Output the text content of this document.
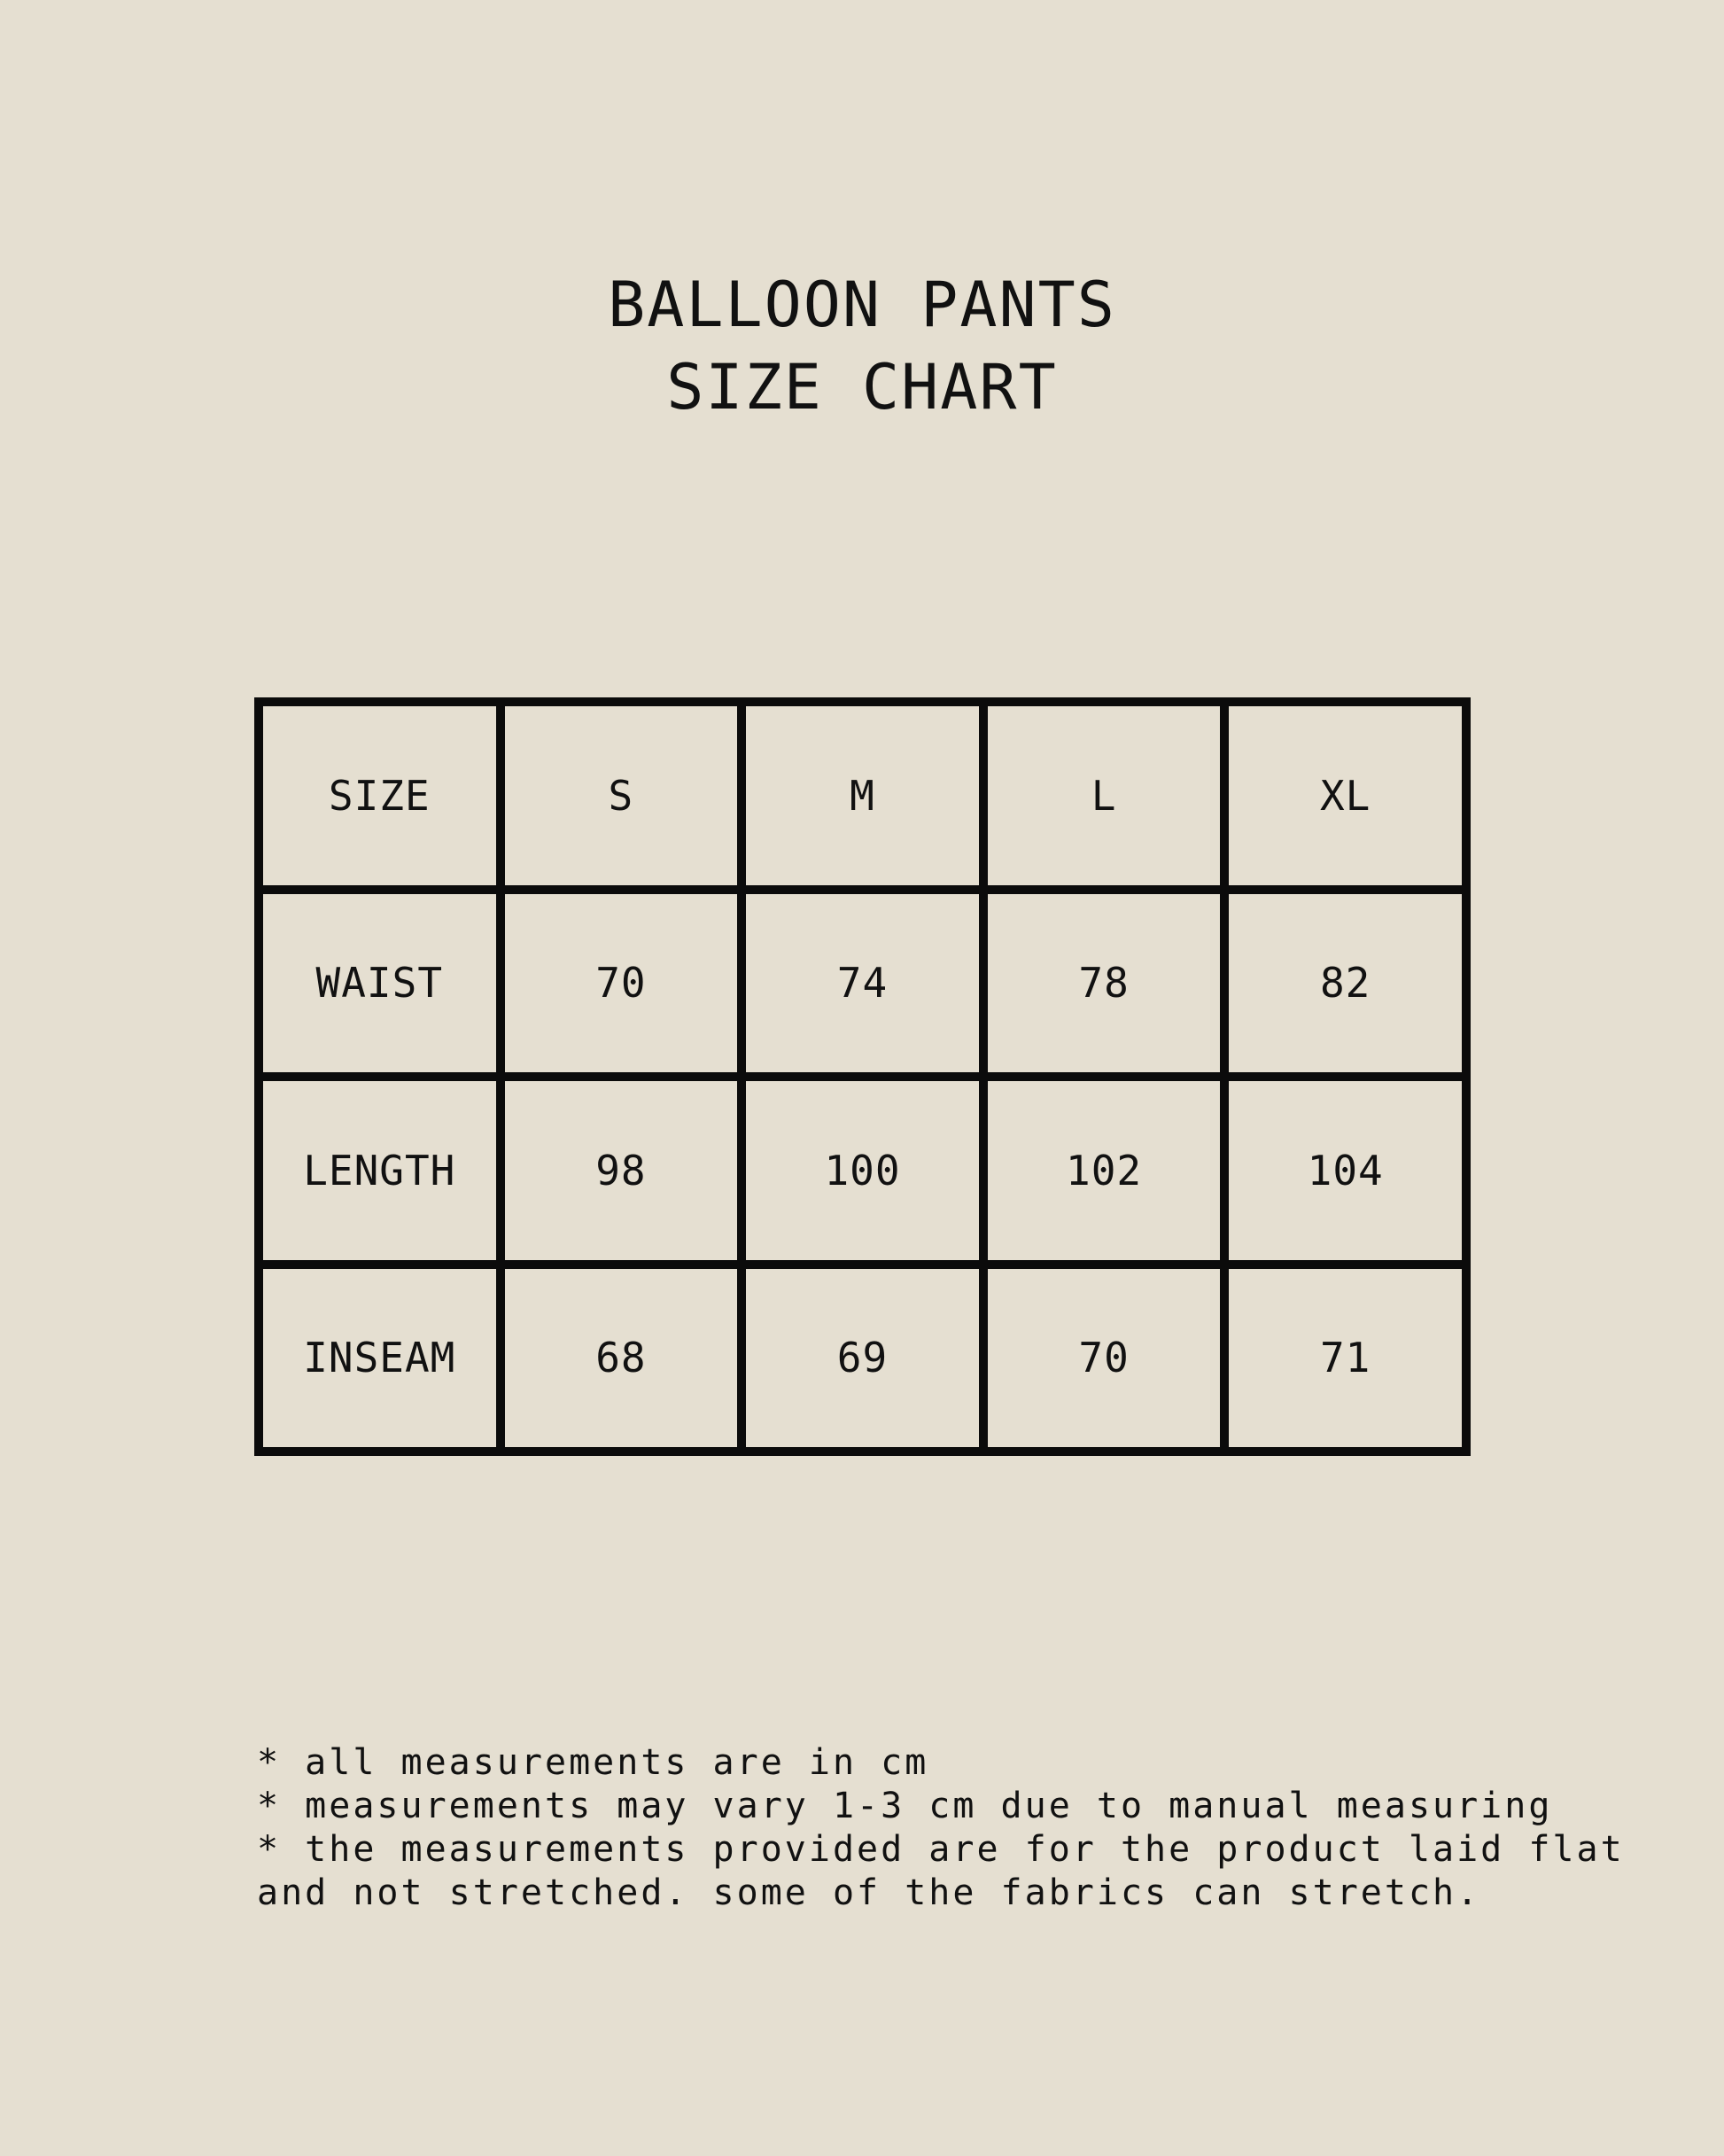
BALLOON PANTS
SIZE CHART
SIZE	S	M	L	XL
WAIST	70	74	78	82
LENGTH	98	100	102	104
INSEAM	68	69	70	71
* all measurements are in cm
* measurements may vary 1-3 cm due to manual measuring
* the measurements provided are for the product laid flat
and not stretched. some of the fabrics can stretch.
